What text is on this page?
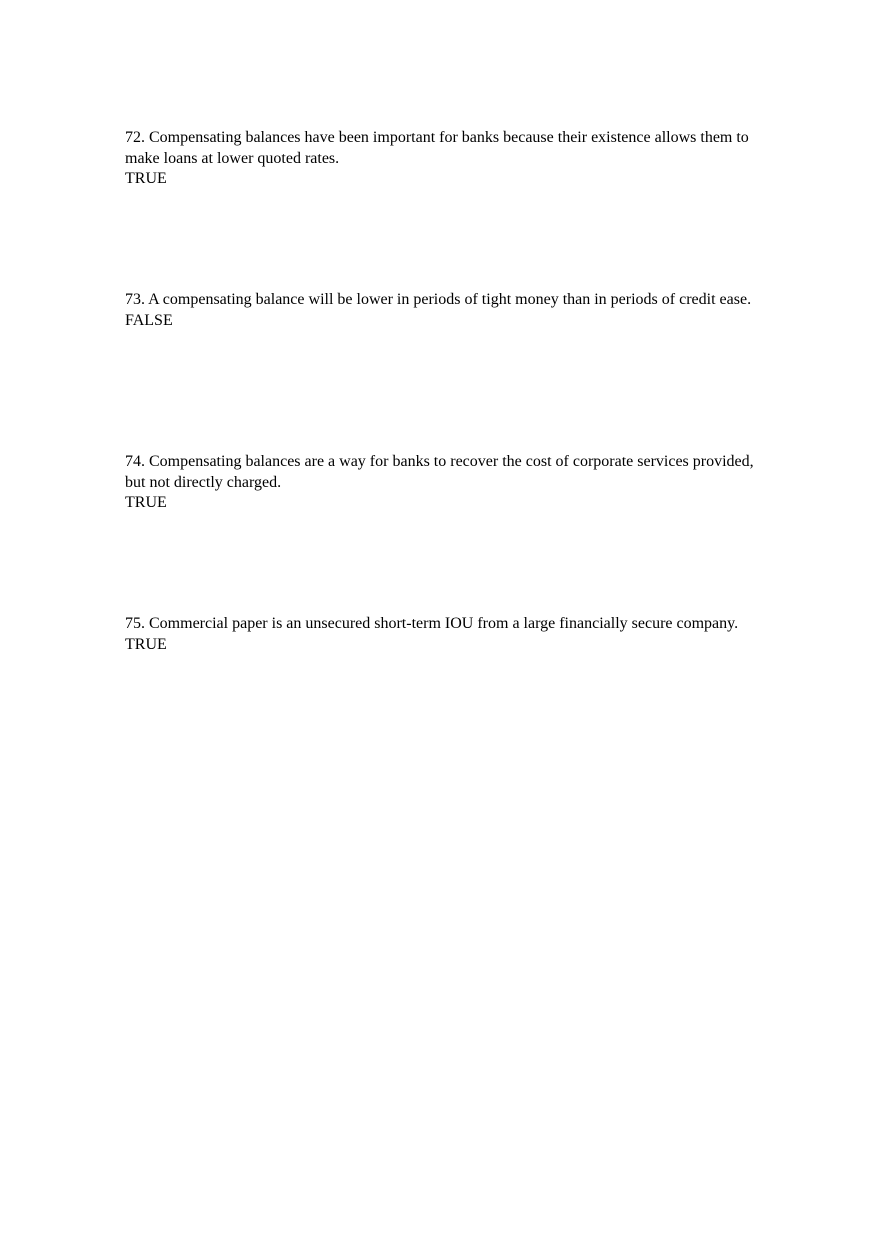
72. Compensating balances have been important for banks because their existence allows them to make loans at lower quoted rates.

TRUE

73. A compensating balance will be lower in periods of tight money than in periods of credit ease.

FALSE

74. Compensating balances are a way for banks to recover the cost of corporate services provided, but not directly charged.

TRUE

75. Commercial paper is an unsecured short-term IOU from a large financially secure company.

TRUE
